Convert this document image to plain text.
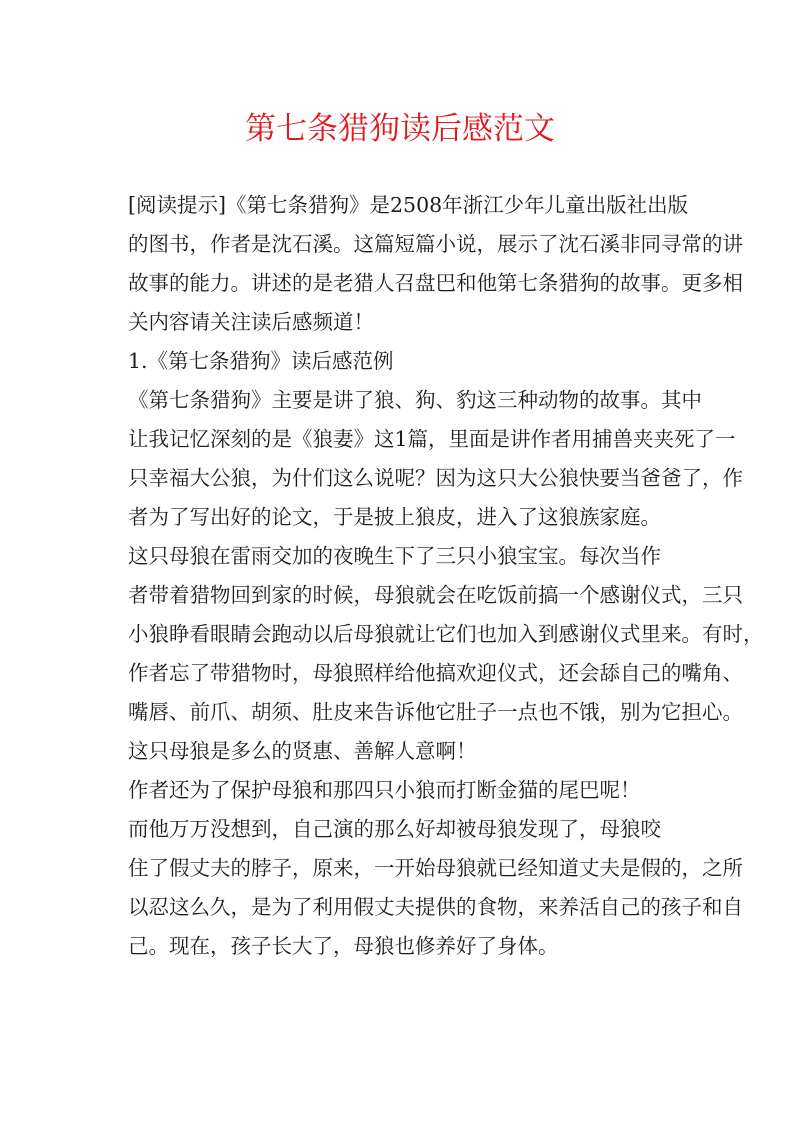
第七条猎狗读后感范文
[阅读提示]《第七条猎狗》是2508年浙江少年儿童出版社出版
的图书，作者是沈石溪。这篇短篇小说，展示了沈石溪非同寻常的讲
故事的能力。讲述的是老猎人召盘巴和他第七条猎狗的故事。更多相
关内容请关注读后感频道！
1.《第七条猎狗》读后感范例
《第七条猎狗》主要是讲了狼、狗、豹这三种动物的故事。其中
让我记忆深刻的是《狼妻》这1篇，里面是讲作者用捕兽夹夹死了一
只幸福大公狼，为什们这么说呢？因为这只大公狼快要当爸爸了，作
者为了写出好的论文，于是披上狼皮，进入了这狼族家庭。
这只母狼在雷雨交加的夜晚生下了三只小狼宝宝。每次当作
者带着猎物回到家的时候，母狼就会在吃饭前搞一个感谢仪式，三只
小狼睁看眼睛会跑动以后母狼就让它们也加入到感谢仪式里来。有时，
作者忘了带猎物时，母狼照样给他搞欢迎仪式，还会舔自己的嘴角、
嘴唇、前爪、胡须、肚皮来告诉他它肚子一点也不饿，别为它担心。
这只母狼是多么的贤惠、善解人意啊！
作者还为了保护母狼和那四只小狼而打断金猫的尾巴呢！
而他万万没想到，自己演的那么好却被母狼发现了，母狼咬
住了假丈夫的脖子，原来，一开始母狼就已经知道丈夫是假的，之所
以忍这么久，是为了利用假丈夫提供的食物，来养活自己的孩子和自
己。现在，孩子长大了，母狼也修养好了身体。
